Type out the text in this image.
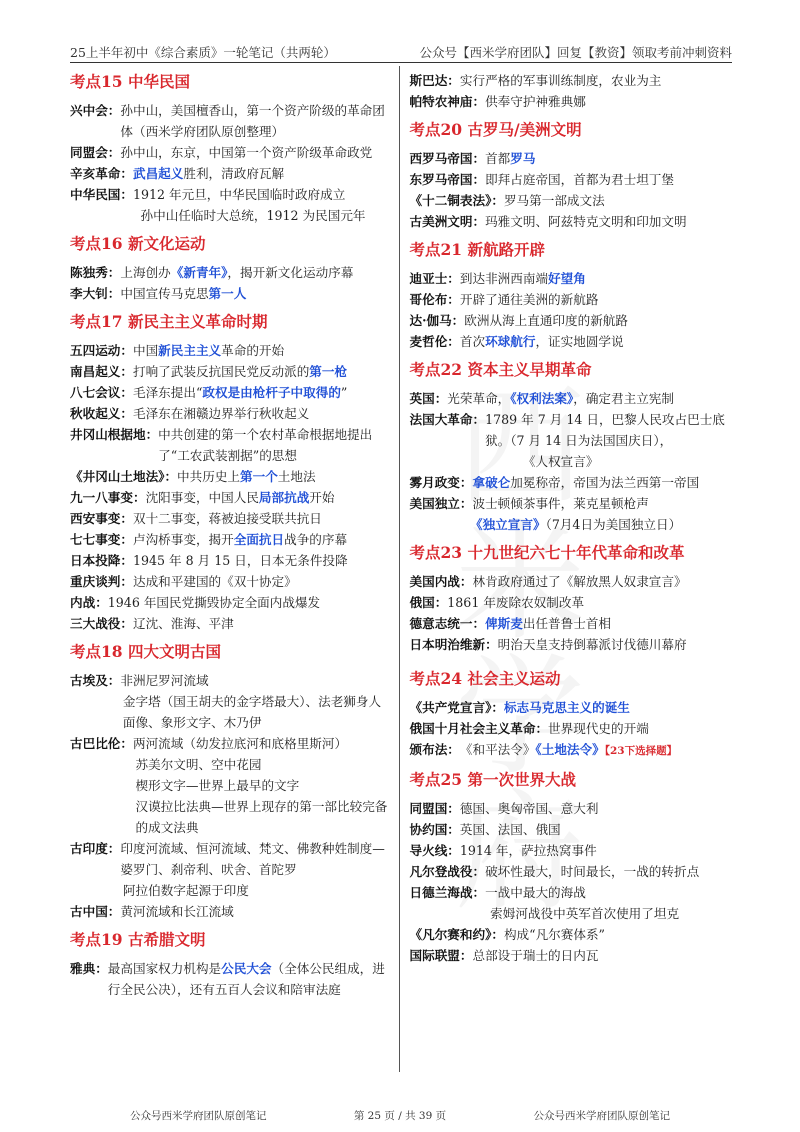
25上半年初中《综合素质》一轮笔记（共两轮）	公众号【西米学府团队】回复【教资】领取考前冲刺资料
考点15 中华民国
兴中会： 孙中山，美国檀香山，第一个资产阶级的革命团体（西米学府团队原创整理）
同盟会： 孙中山，东京，中国第一个资产阶级革命政党
辛亥革命： 武昌起义胜利，清政府瓦解
中华民国： 1912 年元旦，中华民国临时政府成立
孙中山任临时大总统，1912 为民国元年
考点16 新文化运动
陈独秀： 上海创办《新青年》，揭开新文化运动序幕
李大钊： 中国宣传马克思第一人
考点17 新民主主义革命时期
五四运动： 中国新民主主义革命的开始
南昌起义： 打响了武装反抗国民党反动派的第一枪
八七会议： 毛泽东提出“政权是由枪杆子中取得的”
秋收起义： 毛泽东在湘赣边界举行秋收起义
井冈山根据地： 中共创建的第一个农村革命根据地提出了“工农武装割据”的思想
《井冈山土地法》： 中共历史上第一个土地法
九一八事变： 沈阳事变，中国人民局部抗战开始
西安事变： 双十二事变，蒋被迫接受联共抗日
七七事变： 卢沟桥事变，揭开全面抗日战争的序幕
日本投降： 1945 年 8 月 15 日，日本无条件投降
重庆谈判： 达成和平建国的《双十协定》
内战： 1946 年国民党撕毁协定全面内战爆发
三大战役： 辽沈、淮海、平津
考点18 四大文明古国
古埃及： 非洲尼罗河流域
金字塔（国王胡夫的金字塔最大）、法老狮身人面像、象形文字、木乃伊
古巴比伦： 两河流域（幼发拉底河和底格里斯河）
苏美尔文明、空中花园
楔形文字—世界上最早的文字
汉谟拉比法典—世界上现存的第一部比较完备的成文法典
古印度： 印度河流域、恒河流域、梵文、佛教种姓制度—婆罗门、刹帝利、吠舍、首陀罗
阿拉伯数字起源于印度
古中国： 黄河流域和长江流域
考点19 古希腊文明
雅典： 最高国家权力机构是公民大会（全体公民组成，进行全民公决），还有五百人会议和陪审法庭
斯巴达： 实行严格的军事训练制度，农业为主
帕特农神庙： 供奉守护神雅典娜
考点20 古罗马/美洲文明
西罗马帝国： 首都罗马
东罗马帝国： 即拜占庭帝国，首都为君士坦丁堡
《十二铜表法》： 罗马第一部成文法
古美洲文明： 玛雅文明、阿兹特克文明和印加文明
考点21 新航路开辟
迪亚士： 到达非洲西南端好望角
哥伦布： 开辟了通往美洲的新航路
达·伽马： 欧洲从海上直通印度的新航路
麦哲伦： 首次环球航行，证实地圆学说
考点22 资本主义早期革命
英国： 光荣革命，《权利法案》，确定君主立宪制
法国大革命： 1789 年 7 月 14 日，巴黎人民攻占巴士底狱。（7 月 14 日为法国国庆日），
《人权宣言》
雾月政变： 拿破仑加冕称帝，帝国为法兰西第一帝国
美国独立： 波士顿倾茶事件，莱克星顿枪声
《独立宣言》（7月4日为美国独立日）
考点23 十九世纪六七十年代革命和改革
美国内战： 林肯政府通过了《解放黑人奴隶宣言》
俄国： 1861 年废除农奴制改革
德意志统一： 俾斯麦出任普鲁士首相
日本明治维新： 明治天皇支持倒幕派讨伐德川幕府
考点24 社会主义运动
《共产党宣言》： 标志马克思主义的诞生
俄国十月社会主义革命： 世界现代史的开端
颁布法： 《和平法令》《土地法令》【23下选择题】
考点25 第一次世界大战
同盟国： 德国、奥匈帝国、意大利
协约国： 英国、法国、俄国
导火线： 1914 年，萨拉热窝事件
凡尔登战役： 破坏性最大，时间最长，一战的转折点
日德兰海战： 一战中最大的海战
索姆河战役中英军首次使用了坦克
《凡尔赛和约》： 构成“凡尔赛体系”
国际联盟： 总部设于瑞士的日内瓦
公众号西米学府团队原创笔记	第 25 页 / 共 39 页	公众号西米学府团队原创笔记
